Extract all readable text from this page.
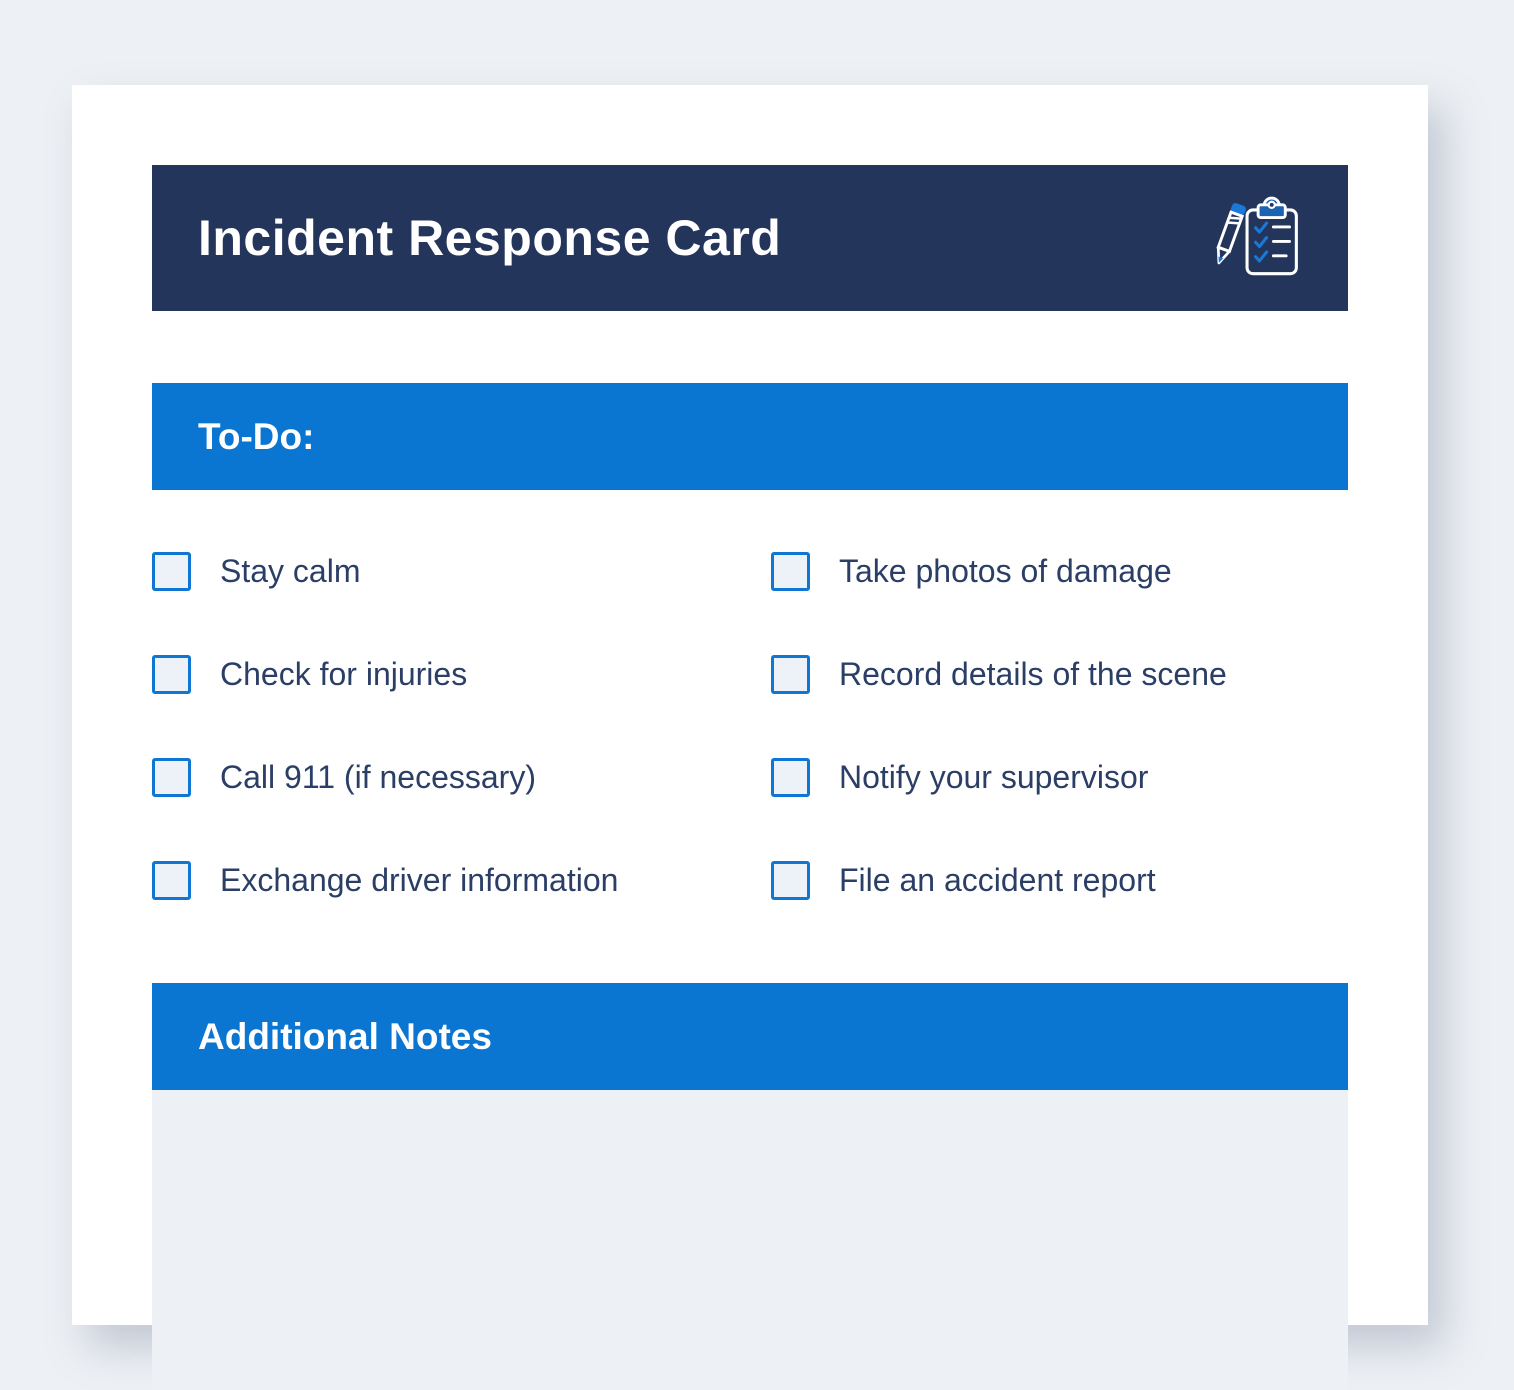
Incident Response Card
To-Do:
Stay calm	Take photos of damage
Check for injuries	Record details of the scene
Call 911 (if necessary)	Notify your supervisor
Exchange driver information	File an accident report
Additional Notes
